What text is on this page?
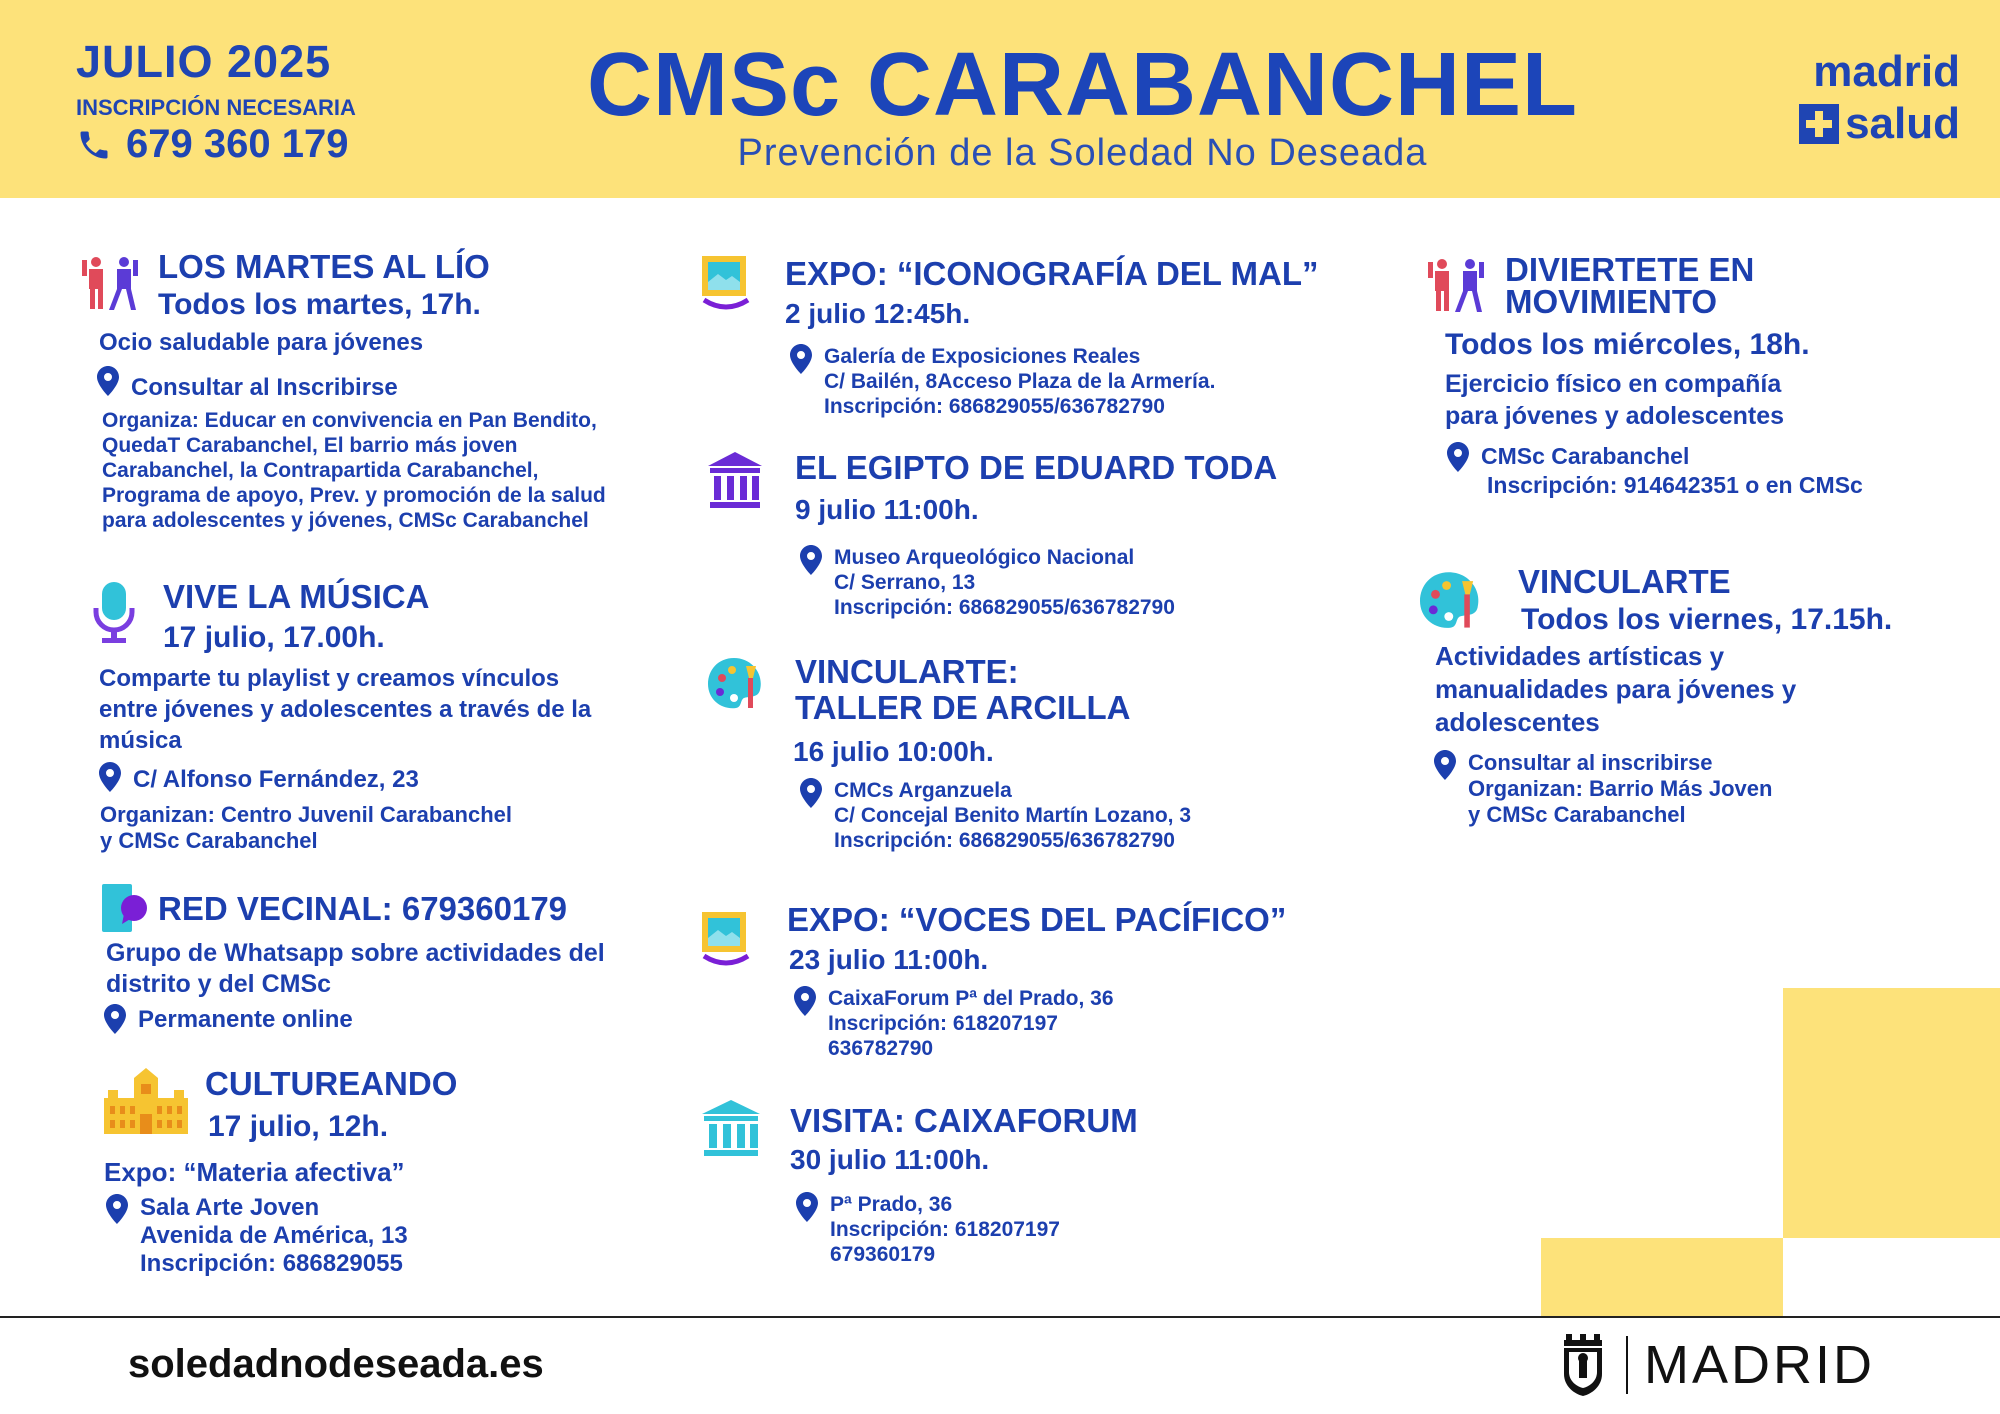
JULIO 2025
INSCRIPCIÓN NECESARIA
679 360 179
CMSc CARABANCHEL
Prevención de la Soledad No Deseada
madrid
salud
LOS MARTES AL LÍO
Todos los martes, 17h.
Ocio saludable para jóvenes
Consultar al Inscribirse
Organiza: Educar en convivencia en Pan Bendito, QuedaT Carabanchel, El barrio más joven Carabanchel, la Contrapartida Carabanchel, Programa de apoyo, Prev. y promoción de la salud para adolescentes y jóvenes, CMSc Carabanchel
VIVE LA MÚSICA
17 julio, 17.00h.
Comparte tu playlist y creamos vínculos entre jóvenes y adolescentes a través de la música
C/ Alfonso Fernández, 23
Organizan: Centro Juvenil Carabanchel
y CMSc Carabanchel
RED VECINAL: 679360179
Grupo de Whatsapp sobre actividades del distrito y del CMSc
Permanente online
CULTUREANDO
17 julio, 12h.
Expo: “Materia afectiva”
Sala Arte Joven
Avenida de América, 13
Inscripción: 686829055
EXPO: “ICONOGRAFÍA DEL MAL”
2 julio 12:45h.
Galería de Exposiciones Reales
C/ Bailén, 8Acceso Plaza de la Armería.
Inscripción: 686829055/636782790
EL EGIPTO DE EDUARD TODA
9 julio 11:00h.
Museo Arqueológico Nacional
C/ Serrano, 13
Inscripción: 686829055/636782790
VINCULARTE:
TALLER DE ARCILLA
16 julio 10:00h.
CMCs Arganzuela
C/ Concejal Benito Martín Lozano, 3
Inscripción: 686829055/636782790
EXPO: “VOCES DEL PACÍFICO”
23 julio 11:00h.
CaixaForum Pª del Prado, 36
Inscripción: 618207197
636782790
VISITA: CAIXAFORUM
30 julio 11:00h.
Pª Prado, 36
Inscripción: 618207197
679360179
DIVIERTETE EN
MOVIMIENTO
Todos los miércoles, 18h.
Ejercicio físico en compañía
para jóvenes y adolescentes
CMSc Carabanchel
Inscripción: 914642351 o en CMSc
VINCULARTE
Todos los viernes, 17.15h.
Actividades artísticas y manualidades para jóvenes y adolescentes
Consultar al inscribirse
Organizan: Barrio Más Joven
y CMSc Carabanchel
soledadnodeseada.es	MADRID
